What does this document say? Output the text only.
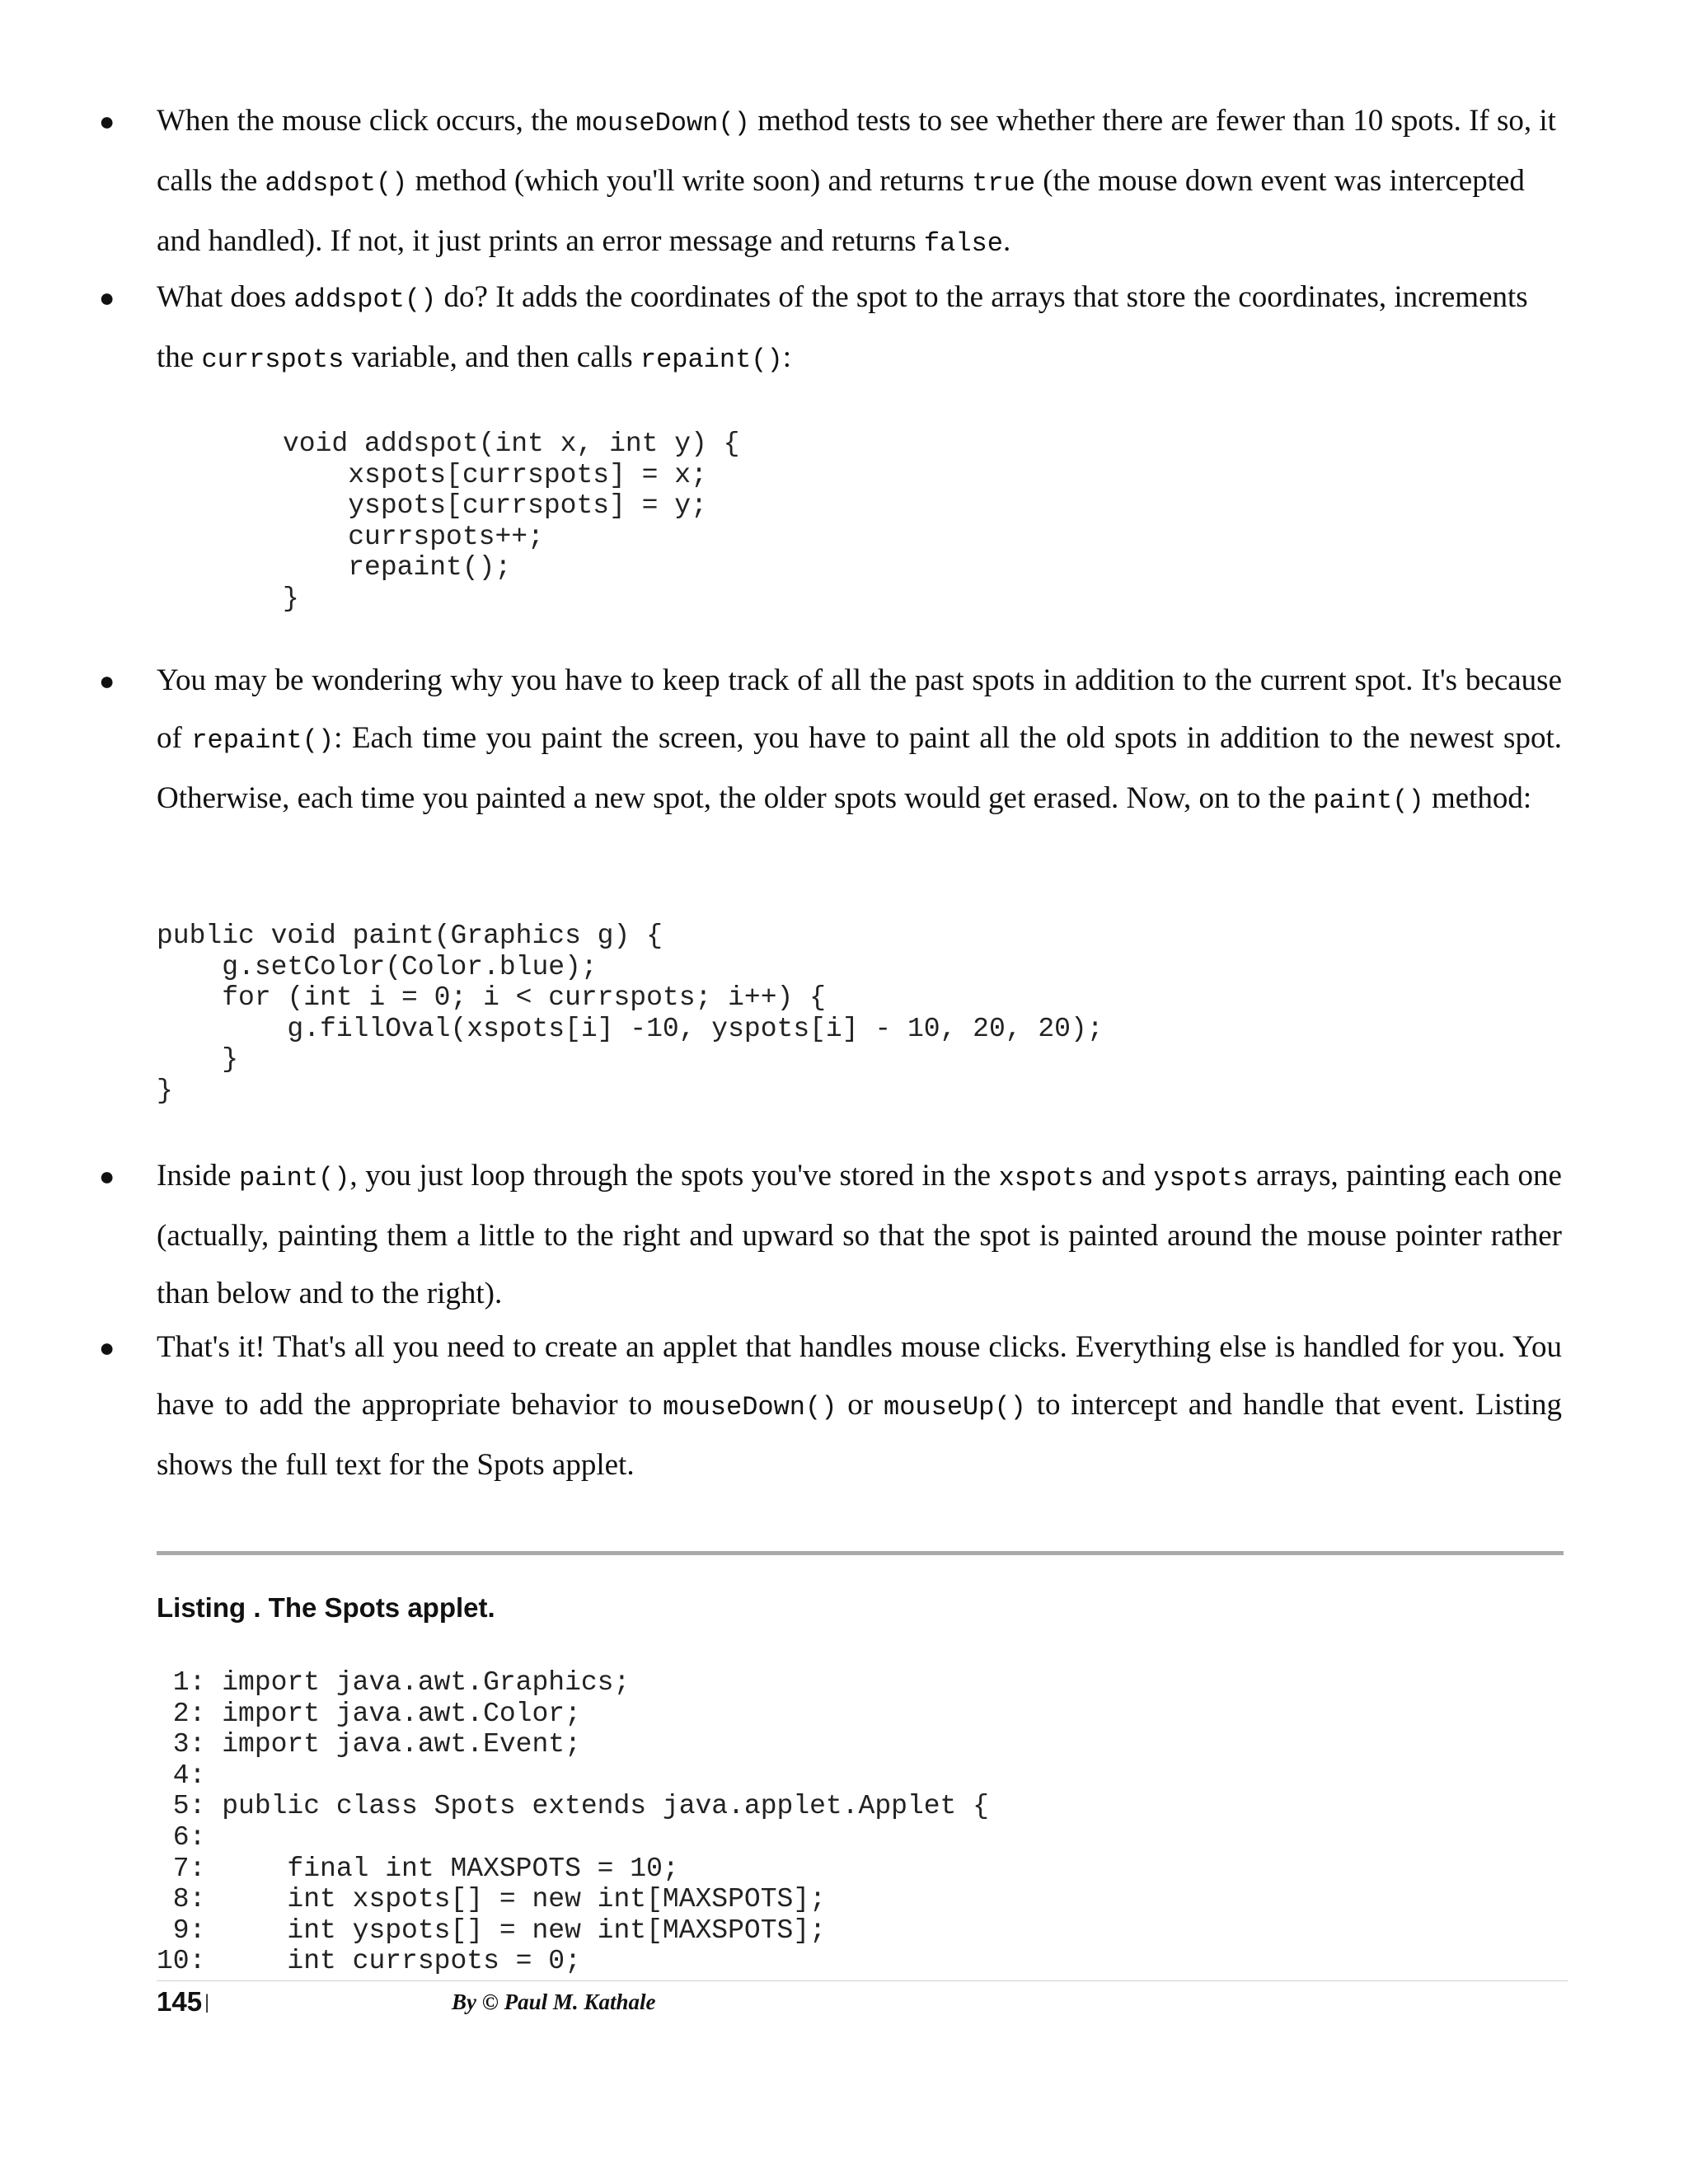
● When the mouse click occurs, the mouseDown() method tests to see whether there are fewer than 10 spots. If so, it calls the addspot() method (which you'll write soon) and returns true (the mouse down event was intercepted and handled). If not, it just prints an error message and returns false.

● What does addspot() do? It adds the coordinates of the spot to the arrays that store the coordinates, increments the currspots variable, and then calls repaint():

void addspot(int x, int y) {
xspots[currspots] = x;
yspots[currspots] = y;
currspots++;
repaint();
}
● You may be wondering why you have to keep track of all the past spots in addition to the current spot. It's because of repaint(): Each time you paint the screen, you have to paint all the old spots in addition to the newest spot. Otherwise, each time you painted a new spot, the older spots would get erased. Now, on to the paint() method:

public void paint(Graphics g) {
g.setColor(Color.blue);
for (int i = 0; i < currspots; i++) {
g.fillOval(xspots[i] -10, yspots[i] - 10, 20, 20);
}
}
● Inside paint(), you just loop through the spots you've stored in the xspots and yspots arrays, painting each one (actually, painting them a little to the right and upward so that the spot is painted around the mouse pointer rather than below and to the right).

● That's it! That's all you need to create an applet that handles mouse clicks. Everything else is handled for you. You have to add the appropriate behavior to mouseDown() or mouseUp() to intercept and handle that event. Listing shows the full text for the Spots applet.

Listing . The Spots applet.
1: import java.awt.Graphics;
2: import java.awt.Color;
3: import java.awt.Event;
4:
5: public class Spots extends java.applet.Applet {
6:
7:     final int MAXSPOTS = 10;
8:     int xspots[] = new int[MAXSPOTS];
9:     int yspots[] = new int[MAXSPOTS];
10:     int currspots = 0;
145 |	By © Paul M. Kathale
